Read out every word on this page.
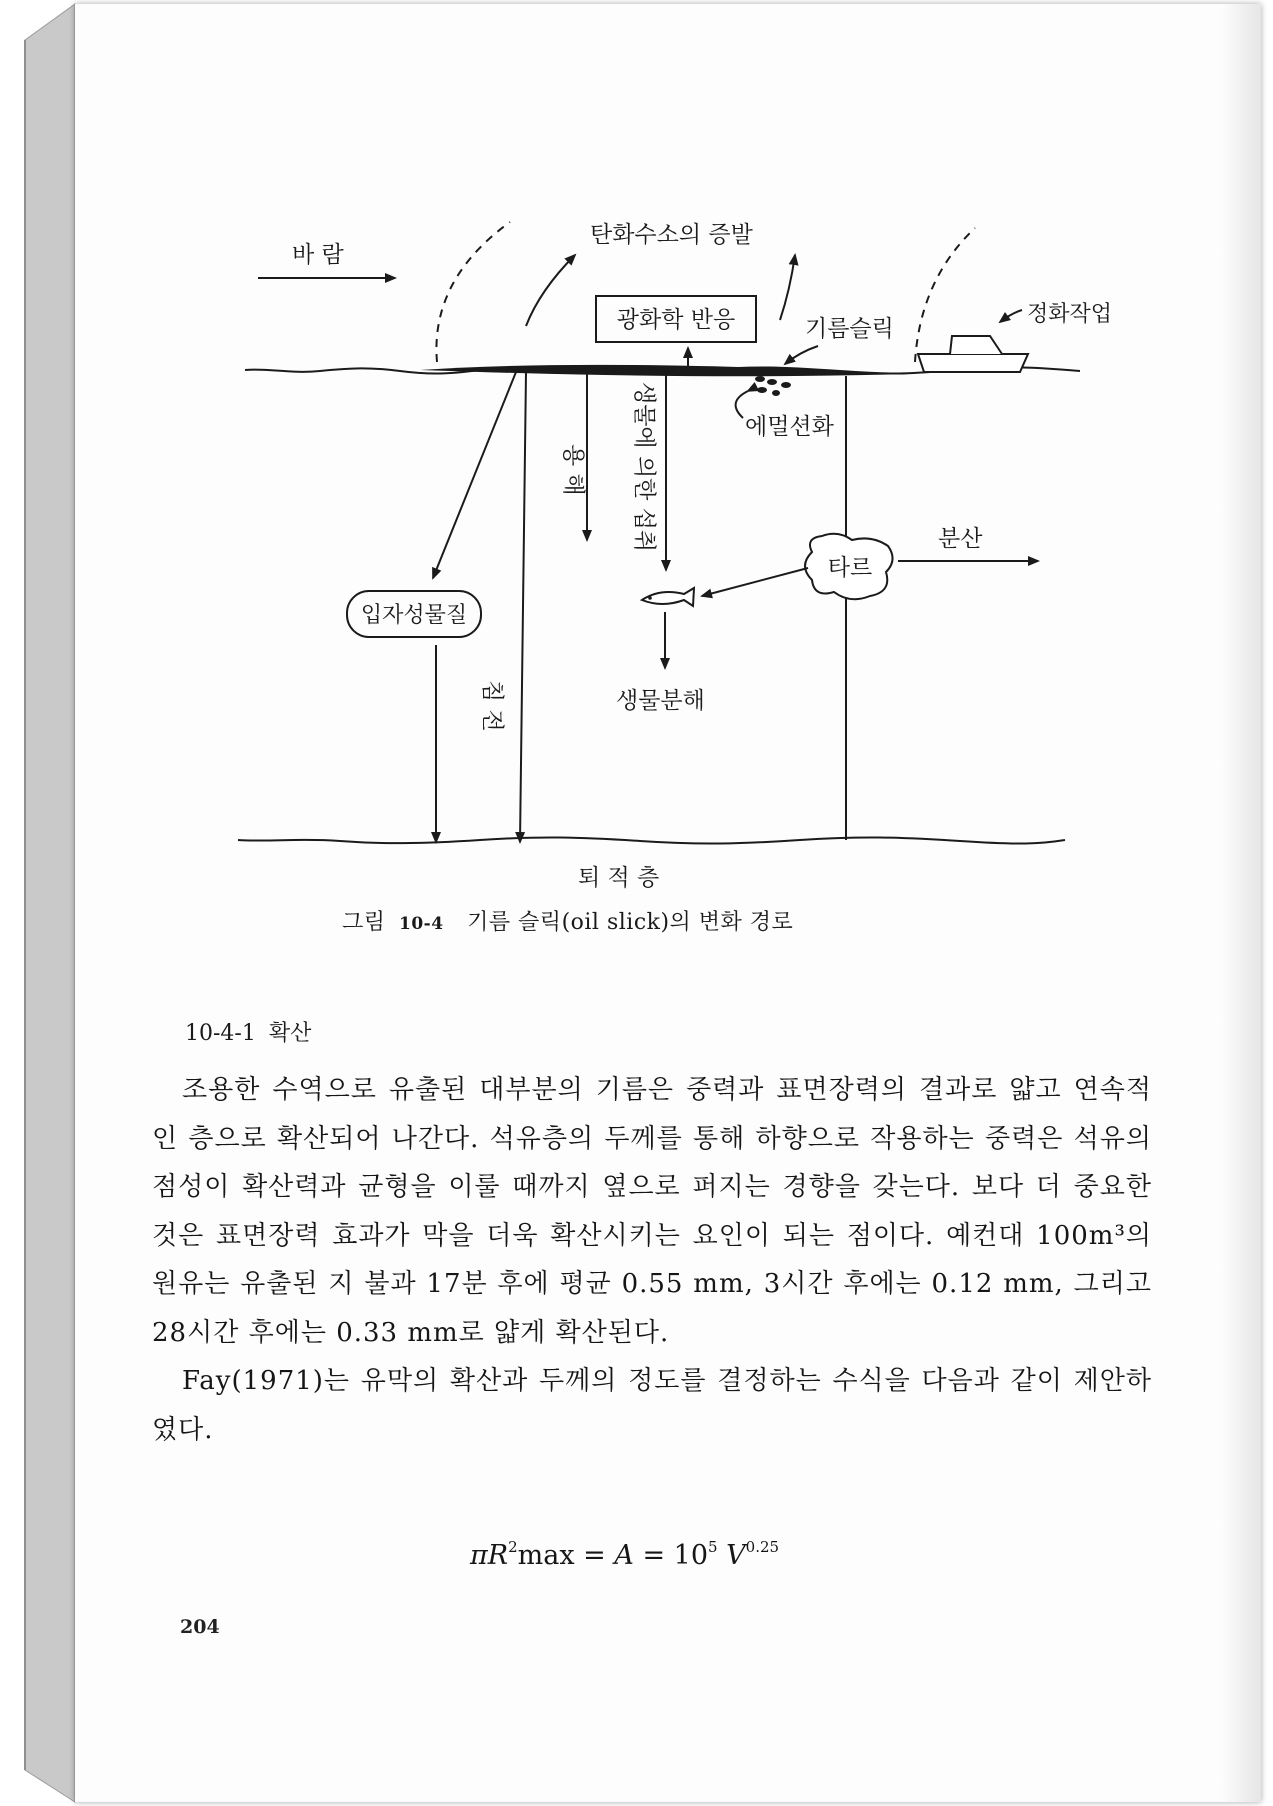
바 람
탄화수소의 증발
광화학 반응	기름슬릭
정화작업
에멀션화
용 해 생물에 의한 섭취
타르
분산
생물분해
입자성물질
침 전
퇴 적 층
그림 10-4 기름 슬릭(oil slick)의 변화 경로
10-4-1 확산

조용한 수역으로 유출된 대부분의 기름은 중력과 표면장력의 결과로 얇고 연속적인 층으로 확산되어 나간다. 석유층의 두께를 통해 하향으로 작용하는 중력은 석유의 점성이 확산력과 균형을 이룰 때까지 옆으로 퍼지는 경향을 갖는다. 보다 더 중요한 것은 표면장력 효과가 막을 더욱 확산시키는 요인이 되는 점이다. 예컨대 100m³의 원유는 유출된 지 불과 17분 후에 평균 0.55 mm, 3시간 후에는 0.12 mm, 그리고 28시간 후에는 0.33 mm로 얇게 확산된다.

Fay(1971)는 유막의 확산과 두께의 정도를 결정하는 수식을 다음과 같이 제안하였다.

$\pi R^2\max = A = 10^5$ $V^{0.25}$
204
